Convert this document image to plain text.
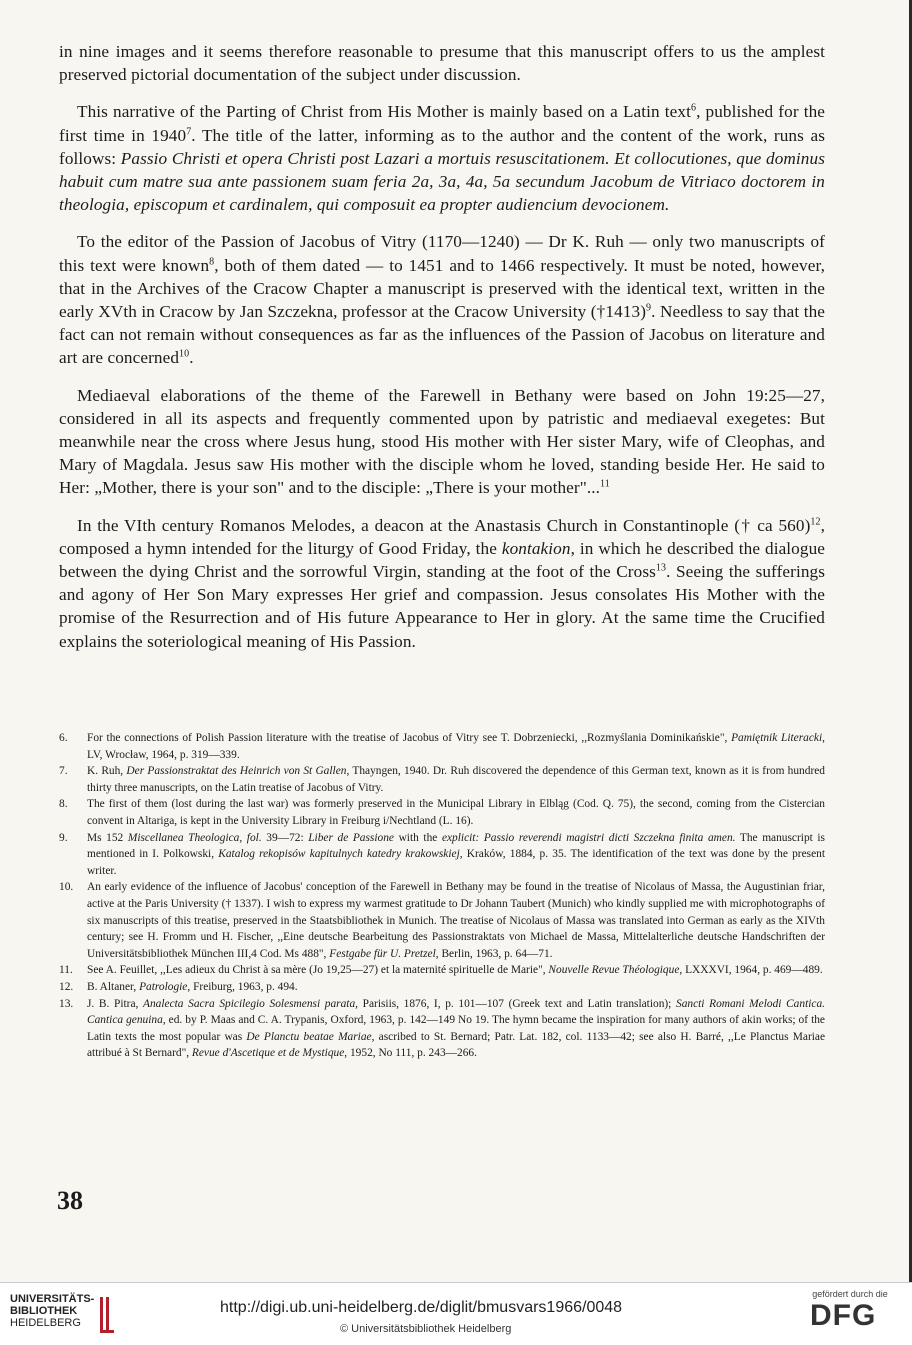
in nine images and it seems therefore reasonable to presume that this manuscript offers to us the amplest preserved pictorial documentation of the subject under discussion.

This narrative of the Parting of Christ from His Mother is mainly based on a Latin text$^6$, published for the first time in 1940$^7$. The title of the latter, informing as to the author and the content of the work, runs as follows: Passio Christi et opera Christi post Lazari a mortuis resuscitationem. Et collocutiones, que dominus habuit cum matre sua ante passionem suam feria 2a, 3a, 4a, 5a secundum Jacobum de Vitriaco doctorem in theologia, episcopum et cardinalem, qui composuit ea propter audiencium devocionem.

To the editor of the Passion of Jacobus of Vitry (1170—1240) — Dr K. Ruh — only two manuscripts of this text were known$^8$, both of them dated — to 1451 and to 1466 respectively. It must be noted, however, that in the Archives of the Cracow Chapter a manuscript is preserved with the identical text, written in the early XVth in Cracow by Jan Szczekna, professor at the Cracow University (†1413)$^9$. Needless to say that the fact can not remain without consequences as far as the influences of the Passion of Jacobus on literature and art are concerned$^{10}$.

Mediaeval elaborations of the theme of the Farewell in Bethany were based on John 19:25—27, considered in all its aspects and frequently commented upon by patristic and mediaeval exegetes: But meanwhile near the cross where Jesus hung, stood His mother with Her sister Mary, wife of Cleophas, and Mary of Magdala. Jesus saw His mother with the disciple whom he loved, standing beside Her. He said to Her: „Mother, there is your son" and to the disciple: „There is your mother"...$^{11}$

In the VIth century Romanos Melodes, a deacon at the Anastasis Church in Constantinople († ca 560)$^{12}$, composed a hymn intended for the liturgy of Good Friday, the kontakion, in which he described the dialogue between the dying Christ and the sorrowful Virgin, standing at the foot of the Cross$^{13}$. Seeing the sufferings and agony of Her Son Mary expresses Her grief and compassion. Jesus consolates His Mother with the promise of the Resurrection and of His future Appearance to Her in glory. At the same time the Crucified explains the soteriological meaning of His Passion.

6.	For the connections of Polish Passion literature with the treatise of Jacobus of Vitry see T. Dobrzeniecki, ,,Rozmyślania Dominikańskie", Pamiętnik Literacki, LV, Wrocław, 1964, p. 319—339.
7.	K. Ruh, Der Passionstraktat des Heinrich von St Gallen, Thayngen, 1940. Dr. Ruh discovered the dependence of this German text, known as it is from hundred thirty three manuscripts, on the Latin treatise of Jacobus of Vitry.
8.	The first of them (lost during the last war) was formerly preserved in the Municipal Library in Elbląg (Cod. Q. 75), the second, coming from the Cistercian convent in Altariga, is kept in the University Library in Freiburg i/Nechtland (L. 16).
9.	Ms 152 Miscellanea Theologica, fol. 39—72: Liber de Passione with the explicit: Passio reverendi magistri dicti Szczekna finita amen. The manuscript is mentioned in I. Polkowski, Katalog rekopisów kapitulnych katedry krakowskiej, Kraków, 1884, p. 35. The identification of the text was done by the present writer.
10.	An early evidence of the influence of Jacobus' conception of the Farewell in Bethany may be found in the treatise of Nicolaus of Massa, the Augustinian friar, active at the Paris University († 1337). I wish to express my warmest gratitude to Dr Johann Taubert (Munich) who kindly supplied me with microphotographs of six manuscripts of this treatise, preserved in the Staatsbibliothek in Munich. The treatise of Nicolaus of Massa was translated into German as early as the XIVth century; see H. Fromm und H. Fischer, ,,Eine deutsche Bearbeitung des Passionstraktats von Michael de Massa, Mittelalterliche deutsche Handschriften der Universitätsbibliothek München III,4 Cod. Ms 488", Festgabe für U. Pretzel, Berlin, 1963, p. 64—71.
11.	See A. Feuillet, ,,Les adieux du Christ à sa mère (Jo 19,25—27) et la maternité spirituelle de Marie", Nouvelle Revue Théologique, LXXXVI, 1964, p. 469—489.
12.	B. Altaner, Patrologie, Freiburg, 1963, p. 494.
13.	J. B. Pitra, Analecta Sacra Spicilegio Solesmensi parata, Parisiis, 1876, I, p. 101—107 (Greek text and Latin translation); Sancti Romani Melodi Cantica. Cantica genuina, ed. by P. Maas and C. A. Trypanis, Oxford, 1963, p. 142—149 No 19. The hymn became the inspiration for many authors of akin works; of the Latin texts the most popular was De Planctu beatae Mariae, ascribed to St. Bernard; Patr. Lat. 182, col. 1133—42; see also H. Barré, ,,Le Planctus Mariae attribué à St Bernard", Revue d'Ascetique et de Mystique, 1952, No 111, p. 243—266.
38
UNIVERSITÄTS-
BIBLIOTHEK
HEIDELBERG
http://digi.ub.uni-heidelberg.de/diglit/bmusvars1966/0048
© Universitätsbibliothek Heidelberg
gefördert durch die
DFG
